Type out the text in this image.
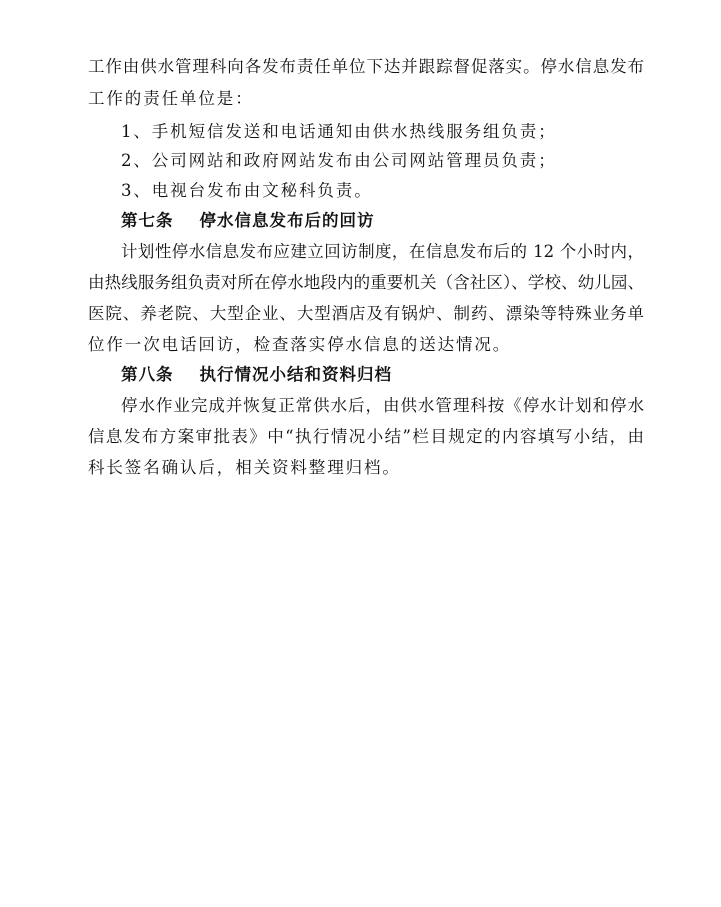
工作由供水管理科向各发布责任单位下达并跟踪督促落实。停水信息发布
工作的责任单位是：
1、手机短信发送和电话通知由供水热线服务组负责；
2、公司网站和政府网站发布由公司网站管理员负责；
3、电视台发布由文秘科负责。
第七条 停水信息发布后的回访
计划性停水信息发布应建立回访制度，在信息发布后的 12 个小时内，
由热线服务组负责对所在停水地段内的重要机关（含社区）、学校、幼儿园、
医院、养老院、大型企业、大型酒店及有锅炉、制药、漂染等特殊业务单
位作一次电话回访，检查落实停水信息的送达情况。
第八条 执行情况小结和资料归档
停水作业完成并恢复正常供水后，由供水管理科按《停水计划和停水
信息发布方案审批表》中“执行情况小结”栏目规定的内容填写小结，由
科长签名确认后，相关资料整理归档。
